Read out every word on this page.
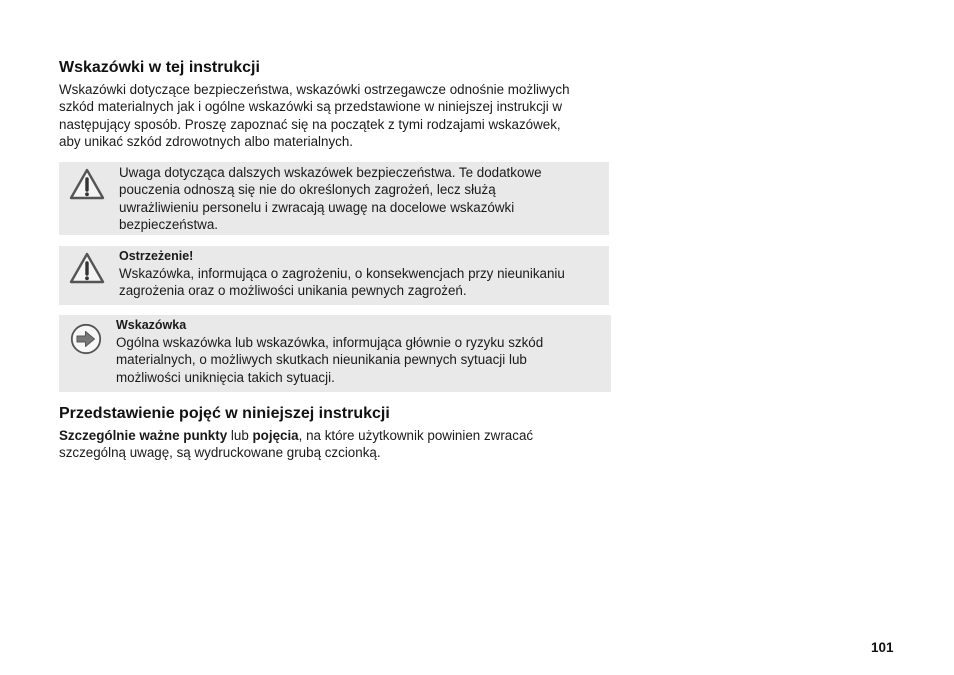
Wskazówki w tej instrukcji

Wskazówki dotyczące bezpieczeństwa, wskazówki ostrzegawcze odnośnie możliwych
szkód materialnych jak i ogólne wskazówki są przedstawione w niniejszej instrukcji w
następujący sposób. Proszę zapoznać się na początek z tymi rodzajami wskazówek,
aby unikać szkód zdrowotnych albo materialnych.

Uwaga dotycząca dalszych wskazówek bezpieczeństwa. Te dodatkowe
pouczenia odnoszą się nie do określonych zagrożeń, lecz służą
uwrażliwieniu personelu i zwracają uwagę na docelowe wskazówki
bezpieczeństwa.
Ostrzeżenie!
Wskazówka, informująca o zagrożeniu, o konsekwencjach przy nieunikaniu
zagrożenia oraz o możliwości unikania pewnych zagrożeń.
Wskazówka
Ogólna wskazówka lub wskazówka, informująca głównie o ryzyku szkód
materialnych, o możliwych skutkach nieunikania pewnych sytuacji lub
możliwości uniknięcia takich sytuacji.
Przedstawienie pojęć w niniejszej instrukcji

Szczególnie ważne punkty lub pojęcia, na które użytkownik powinien zwracać
szczególną uwagę, są wydruckowane grubą czcionką.

101
